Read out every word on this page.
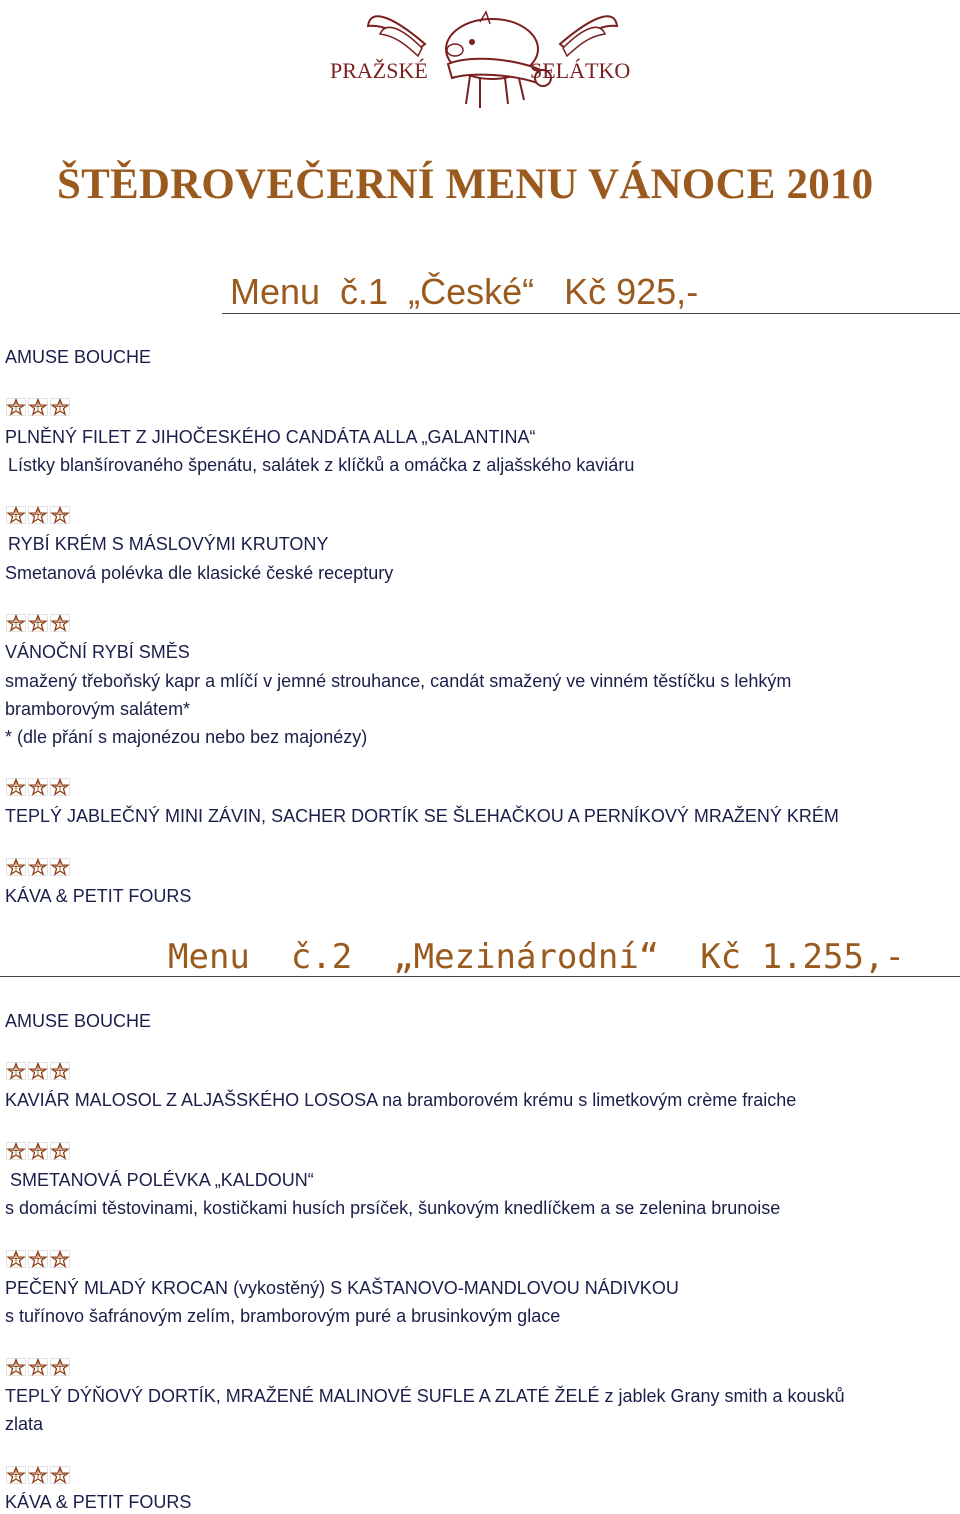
PRAŽSKÉ	SELÁTKO
ŠTĚDROVEČERNÍ MENU VÁNOCE 2010
Menu  č.1  „České“   Kč 925,-
AMUSE BOUCHE
PLNĚNÝ FILET Z JIHOČESKÉHO CANDÁTA ALLA „GALANTINA“
Lístky blanšírovaného špenátu, salátek z klíčků a omáčka z aljašského kaviáru
RYBÍ KRÉM S MÁSLOVÝMI KRUTONY
Smetanová polévka dle klasické české receptury
VÁNOČNÍ RYBÍ SMĚS
smažený třeboňský kapr a mlíčí v jemné strouhance, candát smažený ve vinném těstíčku s lehkým
bramborovým salátem*
* (dle přání s majonézou nebo bez majonézy)
TEPLÝ JABLEČNÝ MINI ZÁVIN, SACHER DORTÍK SE ŠLEHAČKOU A PERNÍKOVÝ MRAŽENÝ KRÉM
KÁVA & PETIT FOURS
Menu  č.2  „Mezinárodní“  Kč 1.255,-
AMUSE BOUCHE
KAVIÁR MALOSOL Z ALJAŠSKÉHO LOSOSA na bramborovém krému s limetkovým crème fraiche
SMETANOVÁ POLÉVKA „KALDOUN“
s domácími těstovinami, kostičkami husích prsíček, šunkovým knedlíčkem a se zelenina brunoise
PEČENÝ MLADÝ KROCAN (vykostěný) S KAŠTANOVO-MANDLOVOU NÁDIVKOU
s tuřínovo šafránovým zelím, bramborovým puré a brusinkovým glace
TEPLÝ DÝŇOVÝ DORTÍK, MRAŽENÉ MALINOVÉ SUFLE A ZLATÉ ŽELÉ z jablek Grany smith a kousků
zlata
KÁVA & PETIT FOURS
